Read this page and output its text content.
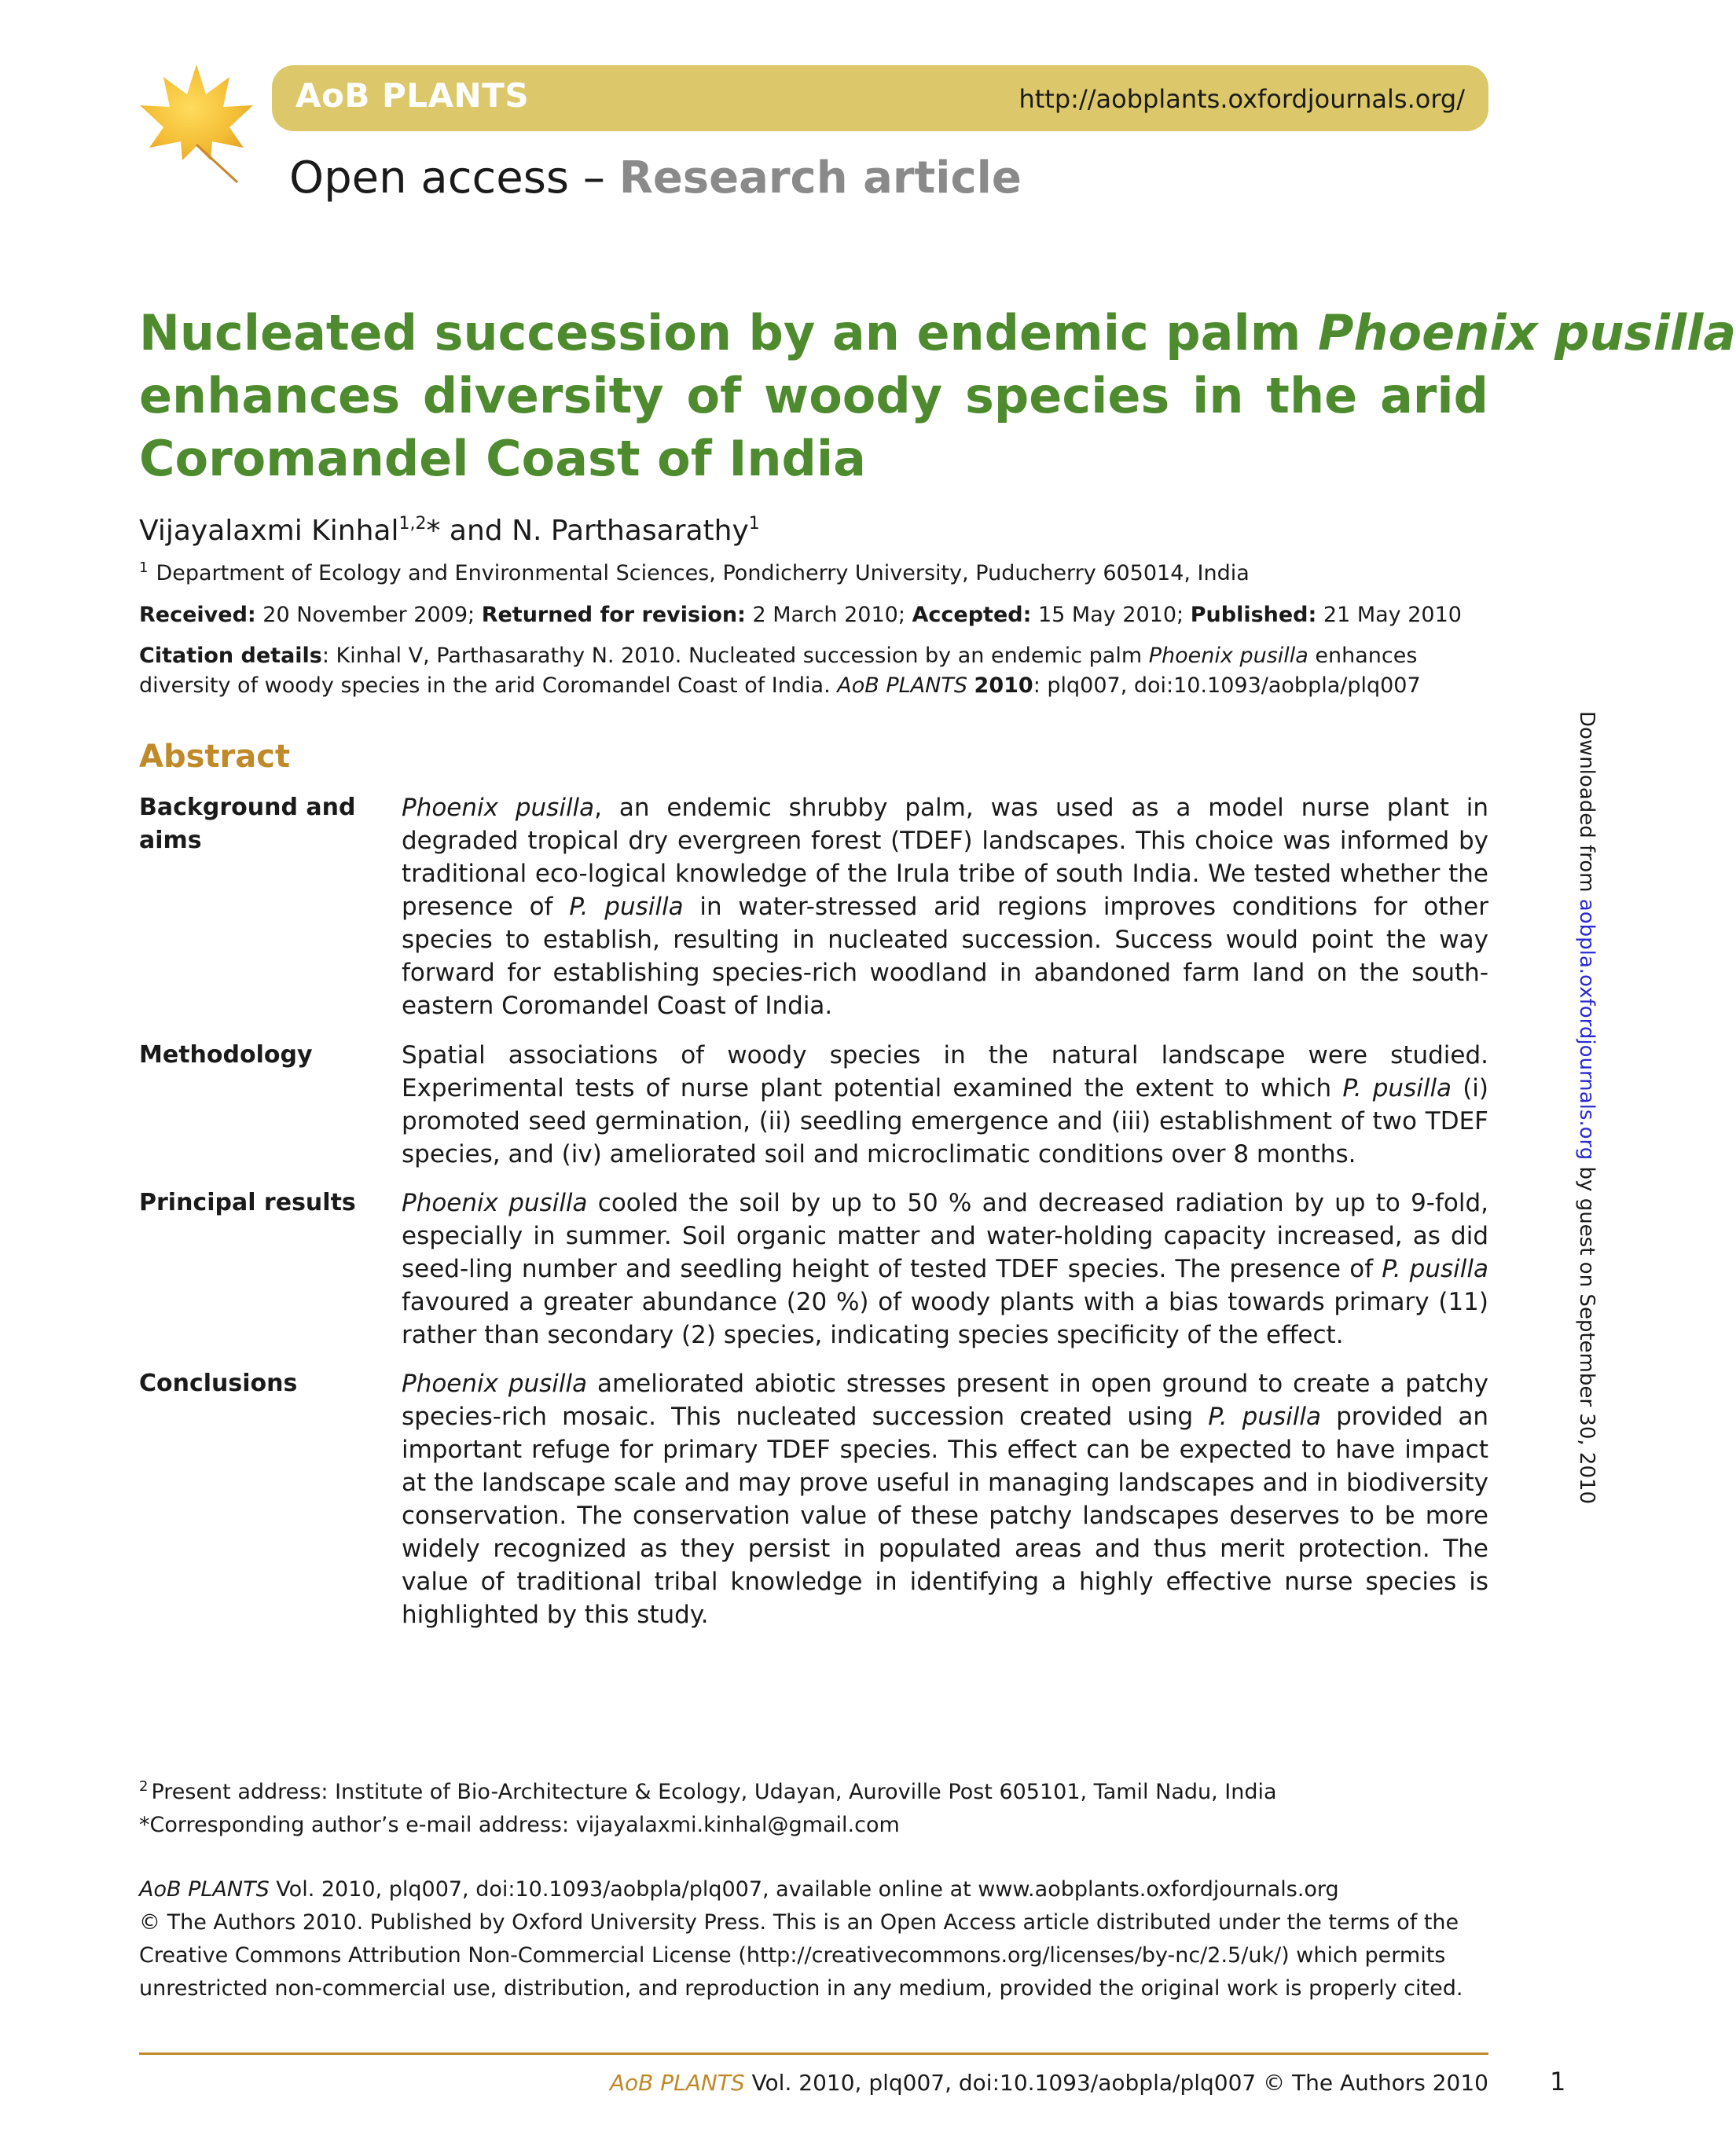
AoB PLANTS	http://aobplants.oxfordjournals.org/
Open access – Research article
Nucleated succession by an endemic palm Phoenix pusilla
enhances diversity of woody species in the arid
Coromandel Coast of India
Vijayalaxmi Kinhal$^{1,2}$* and N. Parthasarathy$^1$
$^1$ Department of Ecology and Environmental Sciences, Pondicherry University, Puducherry 605014, India
Received: 20 November 2009; Returned for revision: 2 March 2010; Accepted: 15 May 2010; Published: 21 May 2010
Citation details: Kinhal V, Parthasarathy N. 2010. Nucleated succession by an endemic palm Phoenix pusilla enhances diversity of woody species in the arid Coromandel Coast of India. AoB PLANTS 2010: plq007, doi:10.1093/aobpla/plq007
Abstract
Background and aims

Phoenix pusilla, an endemic shrubby palm, was used as a model nurse plant in degraded tropical dry evergreen forest (TDEF) landscapes. This choice was informed by traditional eco-logical knowledge of the Irula tribe of south India. We tested whether the presence of P. pusilla in water-stressed arid regions improves conditions for other species to establish, resulting in nucleated succession. Success would point the way forward for establishing species-rich woodland in abandoned farm land on the south-eastern Coromandel Coast of India.

Methodology	Spatial associations of woody species in the natural landscape were studied. Experimental tests of nurse plant potential examined the extent to which P. pusilla (i) promoted seed germination, (ii) seedling emergence and (iii) establishment of two TDEF species, and (iv) ameliorated soil and microclimatic conditions over 8 months.

Principal results	Phoenix pusilla cooled the soil by up to 50 % and decreased radiation by up to 9-fold, especially in summer. Soil organic matter and water-holding capacity increased, as did seed-ling number and seedling height of tested TDEF species. The presence of P. pusilla favoured a greater abundance (20 %) of woody plants with a bias towards primary (11) rather than secondary (2) species, indicating species specificity of the effect.

Conclusions	Phoenix pusilla ameliorated abiotic stresses present in open ground to create a patchy species-rich mosaic. This nucleated succession created using P. pusilla provided an important refuge for primary TDEF species. This effect can be expected to have impact at the landscape scale and may prove useful in managing landscapes and in biodiversity conservation. The conservation value of these patchy landscapes deserves to be more widely recognized as they persist in populated areas and thus merit protection. The value of traditional tribal knowledge in identifying a highly effective nurse species is highlighted by this study.

Downloaded from aobpla.oxfordjournals.org by guest on September 30, 2010
$^2$ Present address: Institute of Bio-Architecture & Ecology, Udayan, Auroville Post 605101, Tamil Nadu, India
*Corresponding author’s e-mail address: vijayalaxmi.kinhal@gmail.com
AoB PLANTS Vol. 2010, plq007, doi:10.1093/aobpla/plq007, available online at www.aobplants.oxfordjournals.org
© The Authors 2010. Published by Oxford University Press. This is an Open Access article distributed under the terms of the Creative Commons Attribution Non-Commercial License (http://creativecommons.org/licenses/by-nc/2.5/uk/) which permits unrestricted non-commercial use, distribution, and reproduction in any medium, provided the original work is properly cited.
AoB PLANTS Vol. 2010, plq007, doi:10.1093/aobpla/plq007 © The Authors 2010 1
